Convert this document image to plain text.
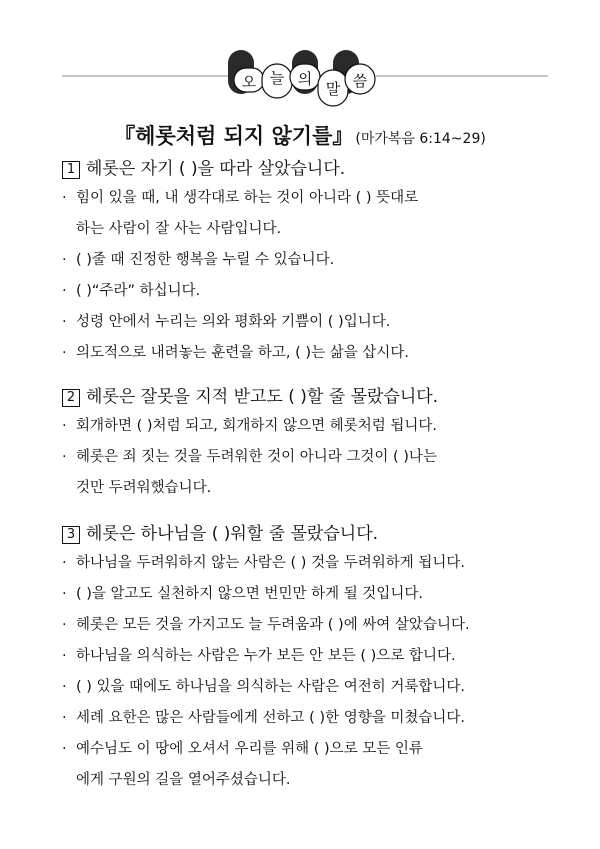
오 늘 의
말 씀
『헤롯처럼 되지 않기를』 (마가복음 6:14~29)
1 헤롯은 자기 ( )을 따라 살았습니다.
· 힘이 있을 때, 내 생각대로 하는 것이 아니라 ( ) 뜻대로
하는 사람이 잘 사는 사람입니다.
· ( )줄 때 진정한 행복을 누릴 수 있습니다.
· ( )“주라” 하십니다.
· 성령 안에서 누리는 의와 평화와 기쁨이 ( )입니다.
· 의도적으로 내려놓는 훈련을 하고, ( )는 삶을 삽시다.
2 헤롯은 잘못을 지적 받고도 ( )할 줄 몰랐습니다.
· 회개하면 ( )처럼 되고, 회개하지 않으면 헤롯처럼 됩니다.
· 헤롯은 죄 짓는 것을 두려워한 것이 아니라 그것이 ( )나는
것만 두려워했습니다.
3 헤롯은 하나님을 ( )워할 줄 몰랐습니다.
· 하나님을 두려워하지 않는 사람은 ( ) 것을 두려워하게 됩니다.
· ( )을 알고도 실천하지 않으면 번민만 하게 될 것입니다.
· 헤롯은 모든 것을 가지고도 늘 두려움과 ( )에 싸여 살았습니다.
· 하나님을 의식하는 사람은 누가 보든 안 보든 ( )으로 합니다.
· ( ) 있을 때에도 하나님을 의식하는 사람은 여전히 거룩합니다.
· 세례 요한은 많은 사람들에게 선하고 ( )한 영향을 미쳤습니다.
· 예수님도 이 땅에 오셔서 우리를 위해 ( )으로 모든 인류
에게 구원의 길을 열어주셨습니다.
